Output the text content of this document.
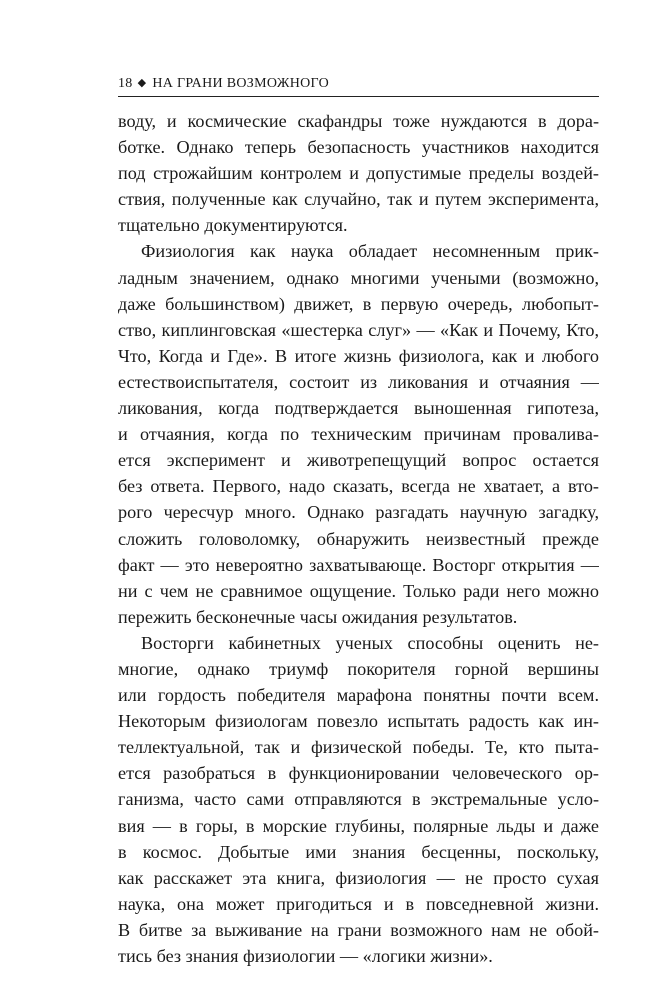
18 ◆ НА ГРАНИ ВОЗМОЖНОГО
воду, и космические скафандры тоже нуждаются в дора-
ботке. Однако теперь безопасность участников находится
под строжайшим контролем и допустимые пределы воздей-
ствия, полученные как случайно, так и путем эксперимента,
тщательно документируются.
Физиология как наука обладает несомненным прик-
ладным значением, однако многими учеными (возможно,
даже большинством) движет, в первую очередь, любопыт-
ство, киплинговская «шестерка слуг» — «Как и Почему, Кто,
Что, Когда и Где». В итоге жизнь физиолога, как и любого
естествоиспытателя, состоит из ликования и отчаяния —
ликования, когда подтверждается выношенная гипотеза,
и отчаяния, когда по техническим причинам проваливa-
ется эксперимент и животрепещущий вопрос остается
без ответа. Первого, надо сказать, всегда не хватает, а вто-
рого чересчур много. Однако разгадать научную загадку,
сложить головоломку, обнаружить неизвестный прежде
факт — это невероятно захватывающе. Восторг открытия —
ни с чем не сравнимое ощущение. Только ради него можно
пережить бесконечные часы ожидания результатов.
Восторги кабинетных ученых способны оценить не-
многие, однако триумф покорителя горной вершины
или гордость победителя марафона понятны почти всем.
Некоторым физиологам повезло испытать радость как ин-
теллектуальной, так и физической победы. Те, кто пыта-
ется разобраться в функционировании человеческого ор-
ганизма, часто сами отправляются в экстремальные усло-
вия — в горы, в морские глубины, полярные льды и даже
в космос. Добытые ими знания бесценны, поскольку,
как расскажет эта книга, физиология — не просто сухая
наука, она может пригодиться и в повседневной жизни.
В битве за выживание на грани возможного нам не обой-
тись без знания физиологии — «логики жизни».
